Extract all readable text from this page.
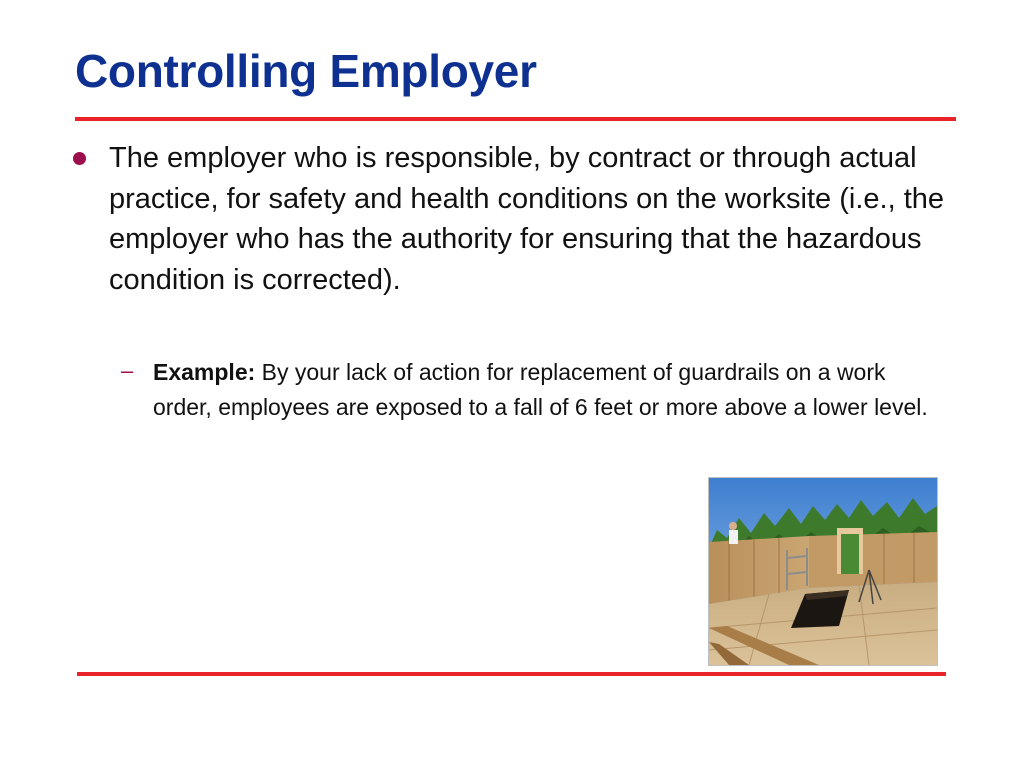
Controlling Employer

The employer who is responsible, by contract or through actual practice, for safety and health conditions on the worksite (i.e., the employer who has the authority for ensuring that the hazardous condition is corrected).

– Example: By your lack of action for replacement of guardrails on a work order, employees are exposed to a fall of 6 feet or more above a lower level.
